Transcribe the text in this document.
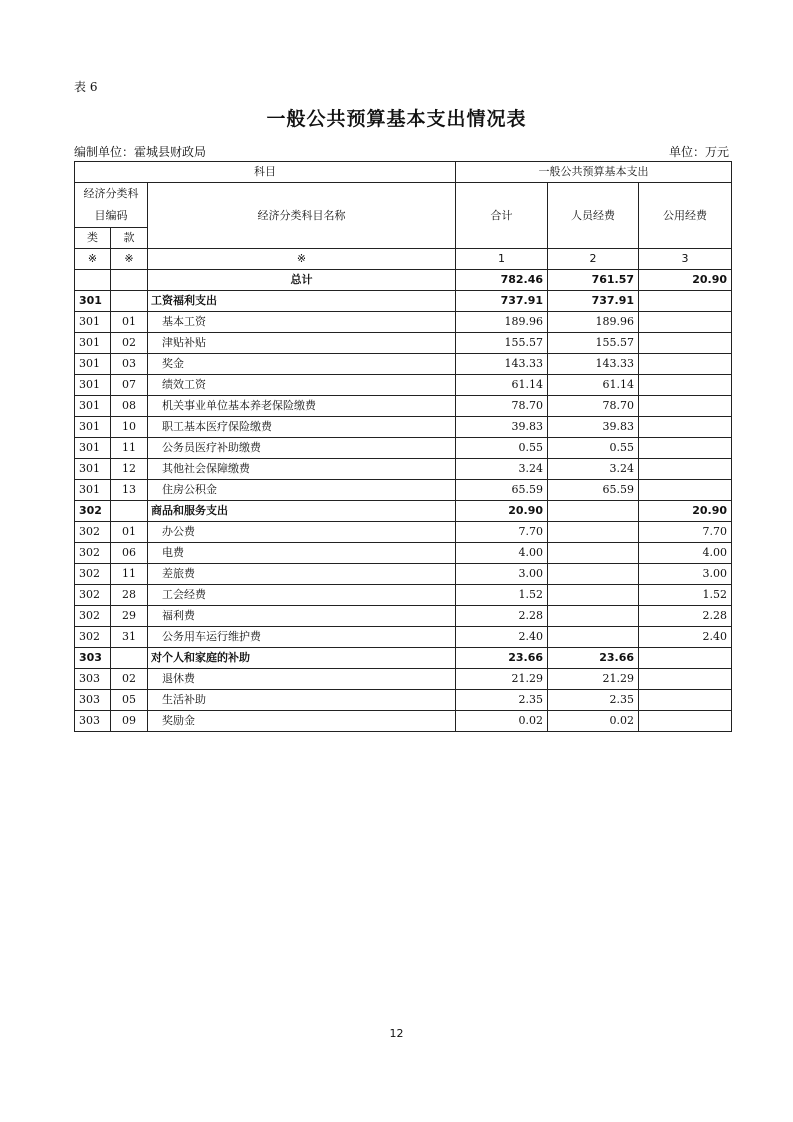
表 6
一般公共预算基本支出情况表
编制单位：霍城县财政局	单位：万元
科目			一般公共预算基本支出		
经济分类科目编码		经济分类科目名称	合计	人员经费	公用经费
类	款				
※	※	※	1	2	3
		总计	782.46	761.57	20.90
301		工资福利支出	737.91	737.91	
301	01	基本工资	189.96	189.96	
301	02	津贴补贴	155.57	155.57	
301	03	奖金	143.33	143.33	
301	07	绩效工资	61.14	61.14	
301	08	机关事业单位基本养老保险缴费	78.70	78.70	
301	10	职工基本医疗保险缴费	39.83	39.83	
301	11	公务员医疗补助缴费	0.55	0.55	
301	12	其他社会保障缴费	3.24	3.24	
301	13	住房公积金	65.59	65.59	
302		商品和服务支出	20.90		20.90
302	01	办公费	7.70		7.70
302	06	电费	4.00		4.00
302	11	差旅费	3.00		3.00
302	28	工会经费	1.52		1.52
302	29	福利费	2.28		2.28
302	31	公务用车运行维护费	2.40		2.40
303		对个人和家庭的补助	23.66	23.66	
303	02	退休费	21.29	21.29	
303	05	生活补助	2.35	2.35	
303	09	奖励金	0.02	0.02	
12
